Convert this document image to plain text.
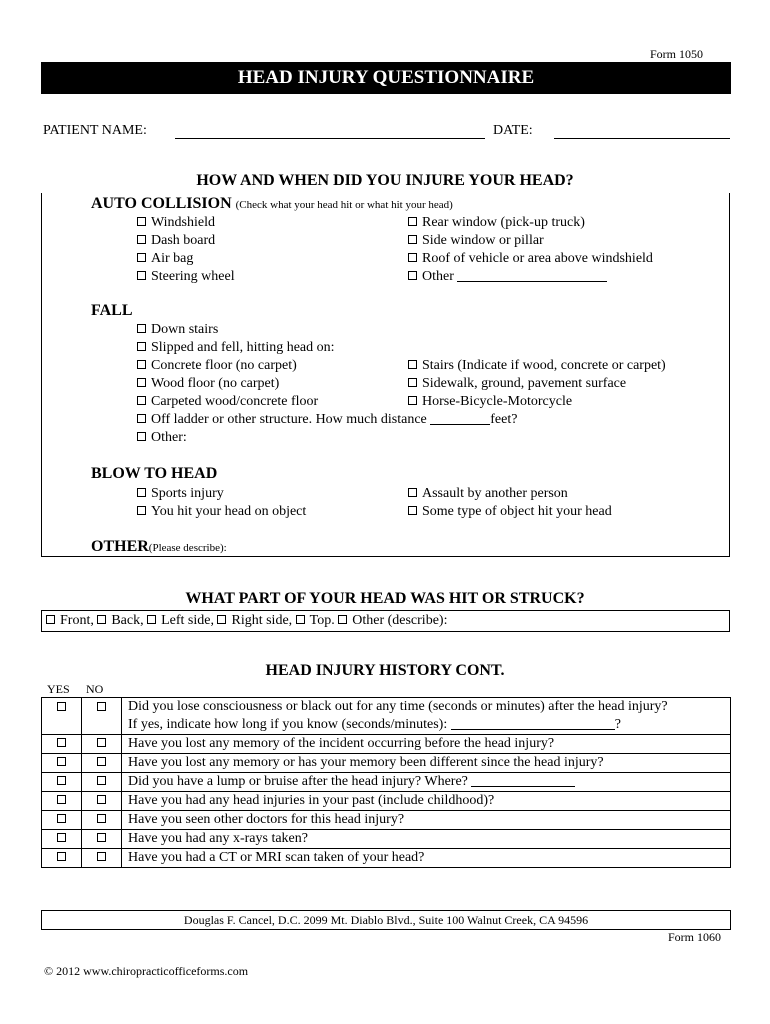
Form 1050
HEAD INJURY QUESTIONNAIRE
PATIENT NAME:	DATE:
HOW AND WHEN DID YOU INJURE YOUR HEAD?
AUTO COLLISION (Check what your head hit or what hit your head)
Windshield
Dash board
Air bag
Steering wheel
Rear window (pick-up truck)
Side window or pillar
Roof of vehicle or area above windshield
Other
FALL
Down stairs
Slipped and fell, hitting head on:
Concrete floor (no carpet)
Wood floor (no carpet)
Carpeted wood/concrete floor
Stairs (Indicate if wood, concrete or carpet)
Sidewalk, ground, pavement surface
Horse-Bicycle-Motorcycle
Off ladder or other structure. How much distance	feet?
Other:
BLOW TO HEAD
Sports injury
You hit your head on object
Assault by another person
Some type of object hit your head
OTHER(Please describe):
WHAT PART OF YOUR HEAD WAS HIT OR STRUCK?
Front, Back, Left side, Right side, Top. Other (describe):
HEAD INJURY HISTORY CONT.
YES NO

		Did you lose consciousness or black out for any time (seconds or minutes) after the head injury?
If yes, indicate how long if you know (seconds/minutes): ?

		Have you lost any memory of the incident occurring before the head injury?
		Have you lost any memory or has your memory been different since the head injury?
		Did you have a lump or bruise after the head injury? Where?
		Have you had any head injuries in your past (include childhood)?
		Have you seen other doctors for this head injury?
		Have you had any x-rays taken?
		Have you had a CT or MRI scan taken of your head?
Douglas F. Cancel, D.C. 2099 Mt. Diablo Blvd., Suite 100 Walnut Creek, CA 94596
Form 1060
© 2012 www.chiropracticofficeforms.com
